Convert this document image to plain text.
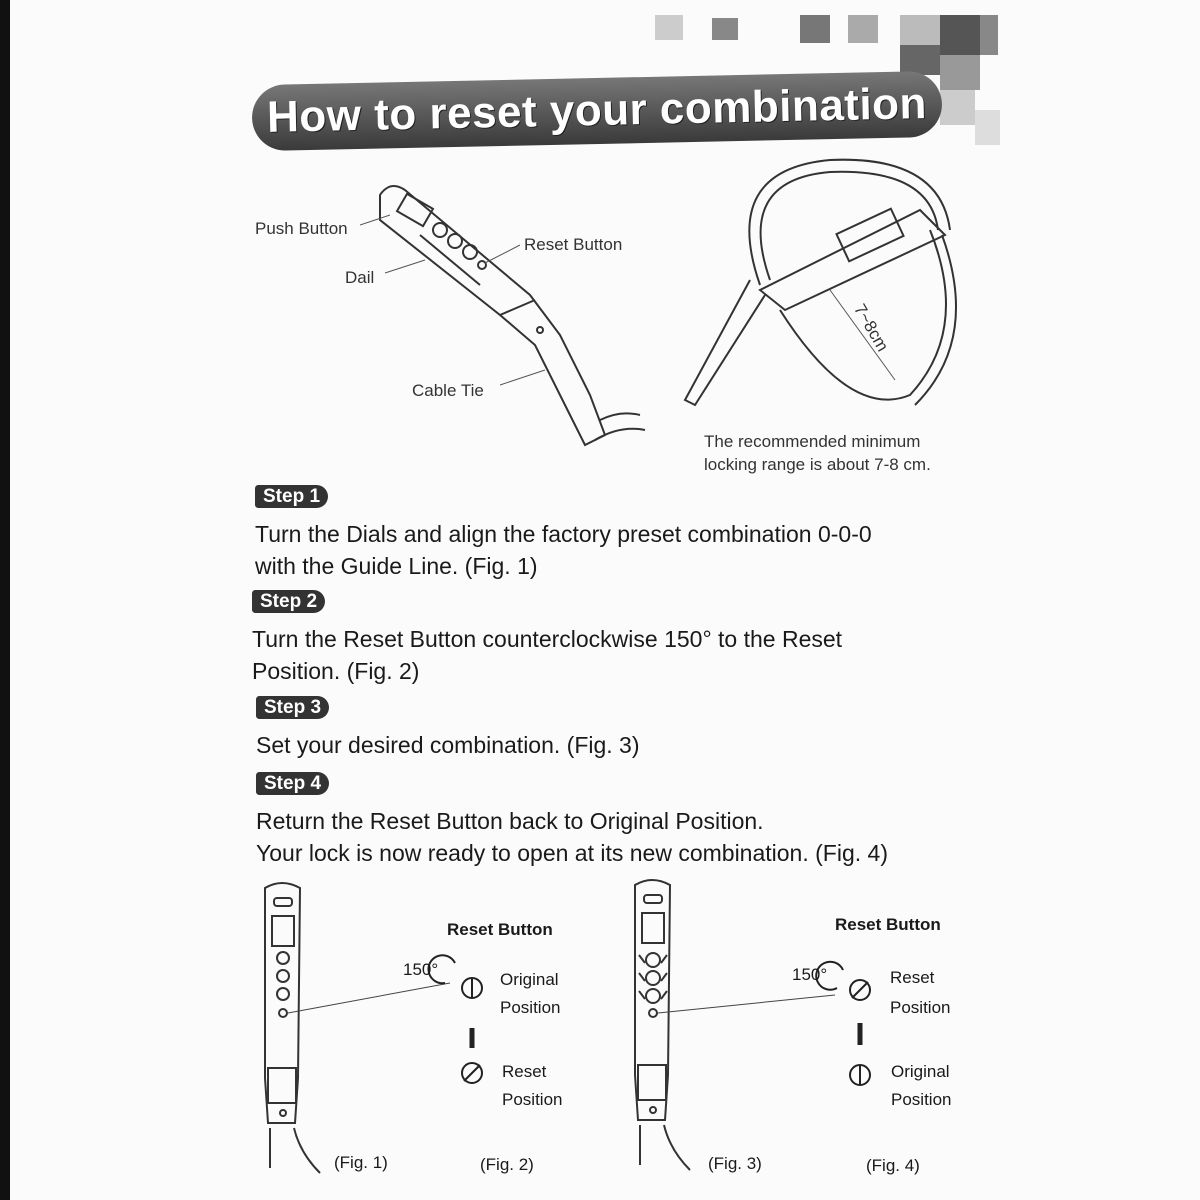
How to reset your combination
Push Button
Dail
Reset Button
Cable Tie
7~8cm
The recommended minimum
locking range is about 7-8 cm.
Step 1
Turn the Dials and align the factory preset combination 0-0-0
with the Guide Line. (Fig. 1)
Step 2
Turn the Reset Button counterclockwise 150° to the Reset
Position. (Fig. 2)
Step 3
Set your desired combination. (Fig. 3)
Step 4
Return the Reset Button back to Original Position.
Your lock is now ready to open at its new combination. (Fig. 4)
Reset Button
150°
Original
Position
Reset
Position
(Fig. 1)	(Fig. 2)
Reset Button
150°	Reset
Position
Original
Position
(Fig. 3)	(Fig. 4)
